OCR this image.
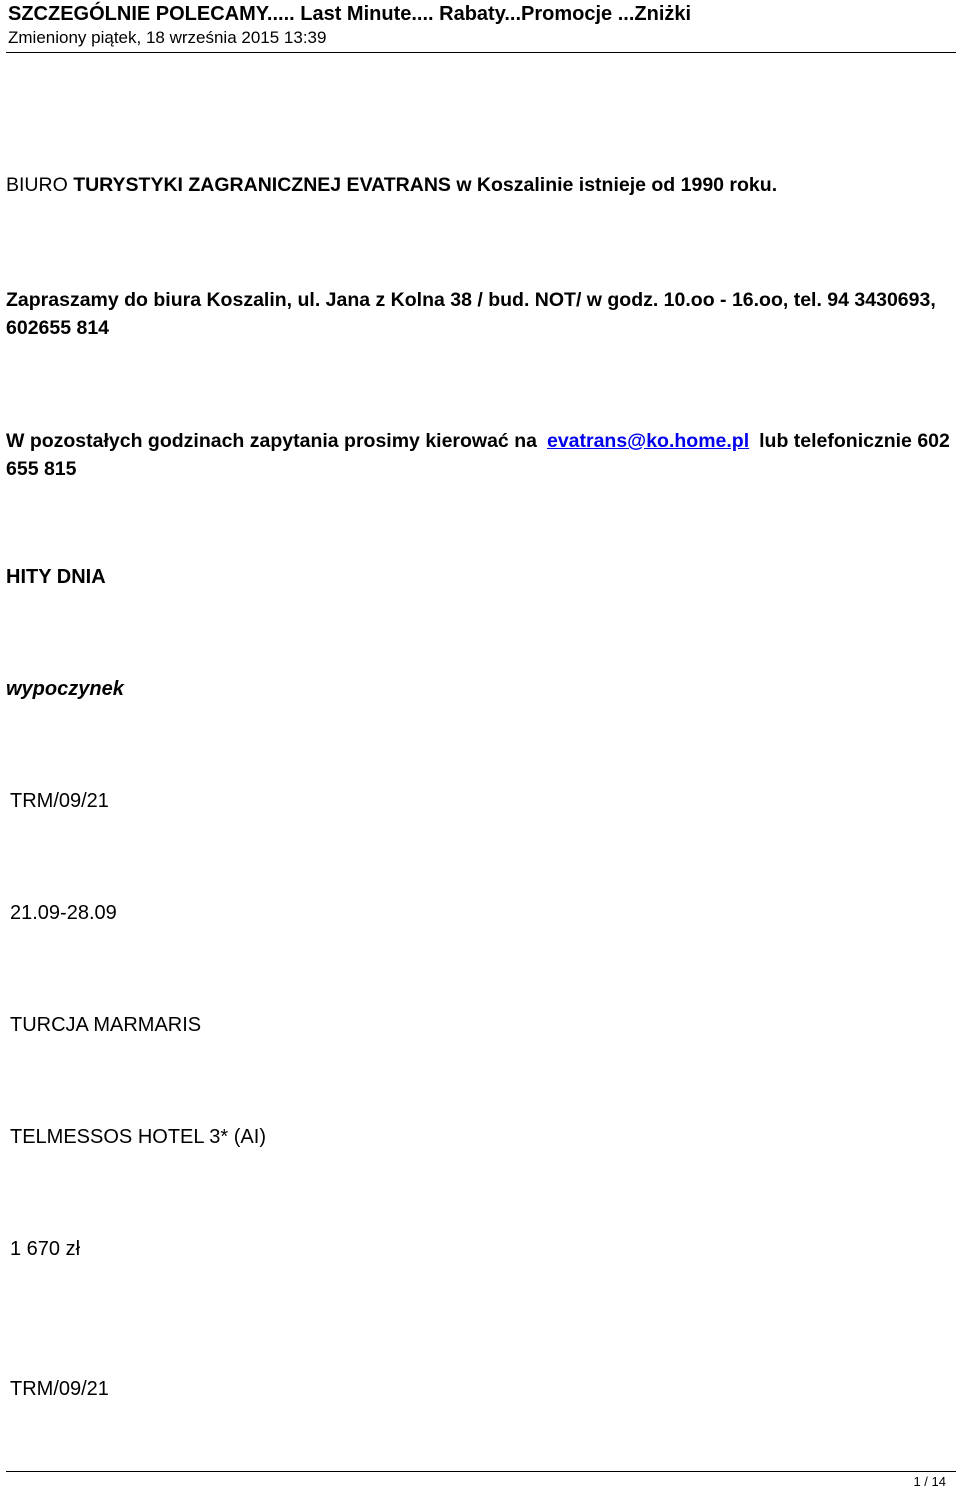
SZCZEGÓLNIE POLECAMY..... Last Minute.... Rabaty...Promocje ...Zniżki
Zmieniony piątek, 18 września 2015 13:39
BIURO TURYSTYKI ZAGRANICZNEJ EVATRANS w Koszalinie istnieje od 1990 roku.
Zapraszamy do biura Koszalin, ul. Jana z Kolna 38 / bud. NOT/ w godz. 10.oo - 16.oo, tel. 94 3430693, 602655 814
W pozostałych godzinach zapytania prosimy kierować na evatrans@ko.home.pl lub telefonicznie 602 655 815
HITY DNIA
wypoczynek
TRM/09/21
21.09-28.09
TURCJA MARMARIS
TELMESSOS HOTEL 3* (AI)
1 670 zł
TRM/09/21
1 / 14
